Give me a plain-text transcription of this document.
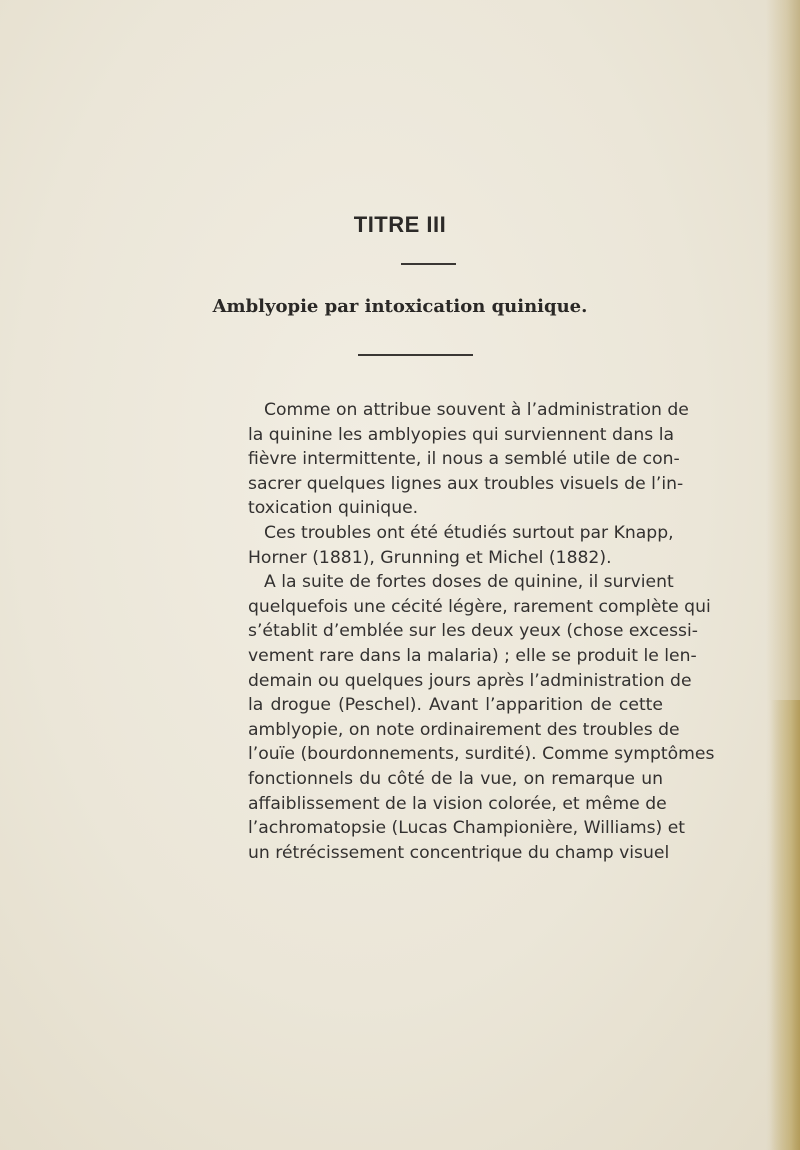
TITRE III
Amblyopie par intoxication quinique.
Comme on attribue souvent à l’administration de
la quinine les amblyopies qui surviennent dans la
fièvre intermittente, il nous a semblé utile de con-
sacrer quelques lignes aux troubles visuels de l’in-
toxication quinique.
Ces troubles ont été étudiés surtout par Knapp,
Horner (1881), Grunning et Michel (1882).
A la suite de fortes doses de quinine, il survient
quelquefois une cécité légère, rarement complète qui
s’établit d’emblée sur les deux yeux (chose excessi-
vement rare dans la malaria) ; elle se produit le len-
demain ou quelques jours après l’administration de
la drogue (Peschel). Avant l’apparition de cette
amblyopie, on note ordinairement des troubles de
l’ouïe (bourdonnements, surdité). Comme symptômes
fonctionnels du côté de la vue, on remarque un
affaiblissement de la vision colorée, et même de
l’achromatopsie (Lucas Championière, Williams) et
un rétrécissement concentrique du champ visuel
